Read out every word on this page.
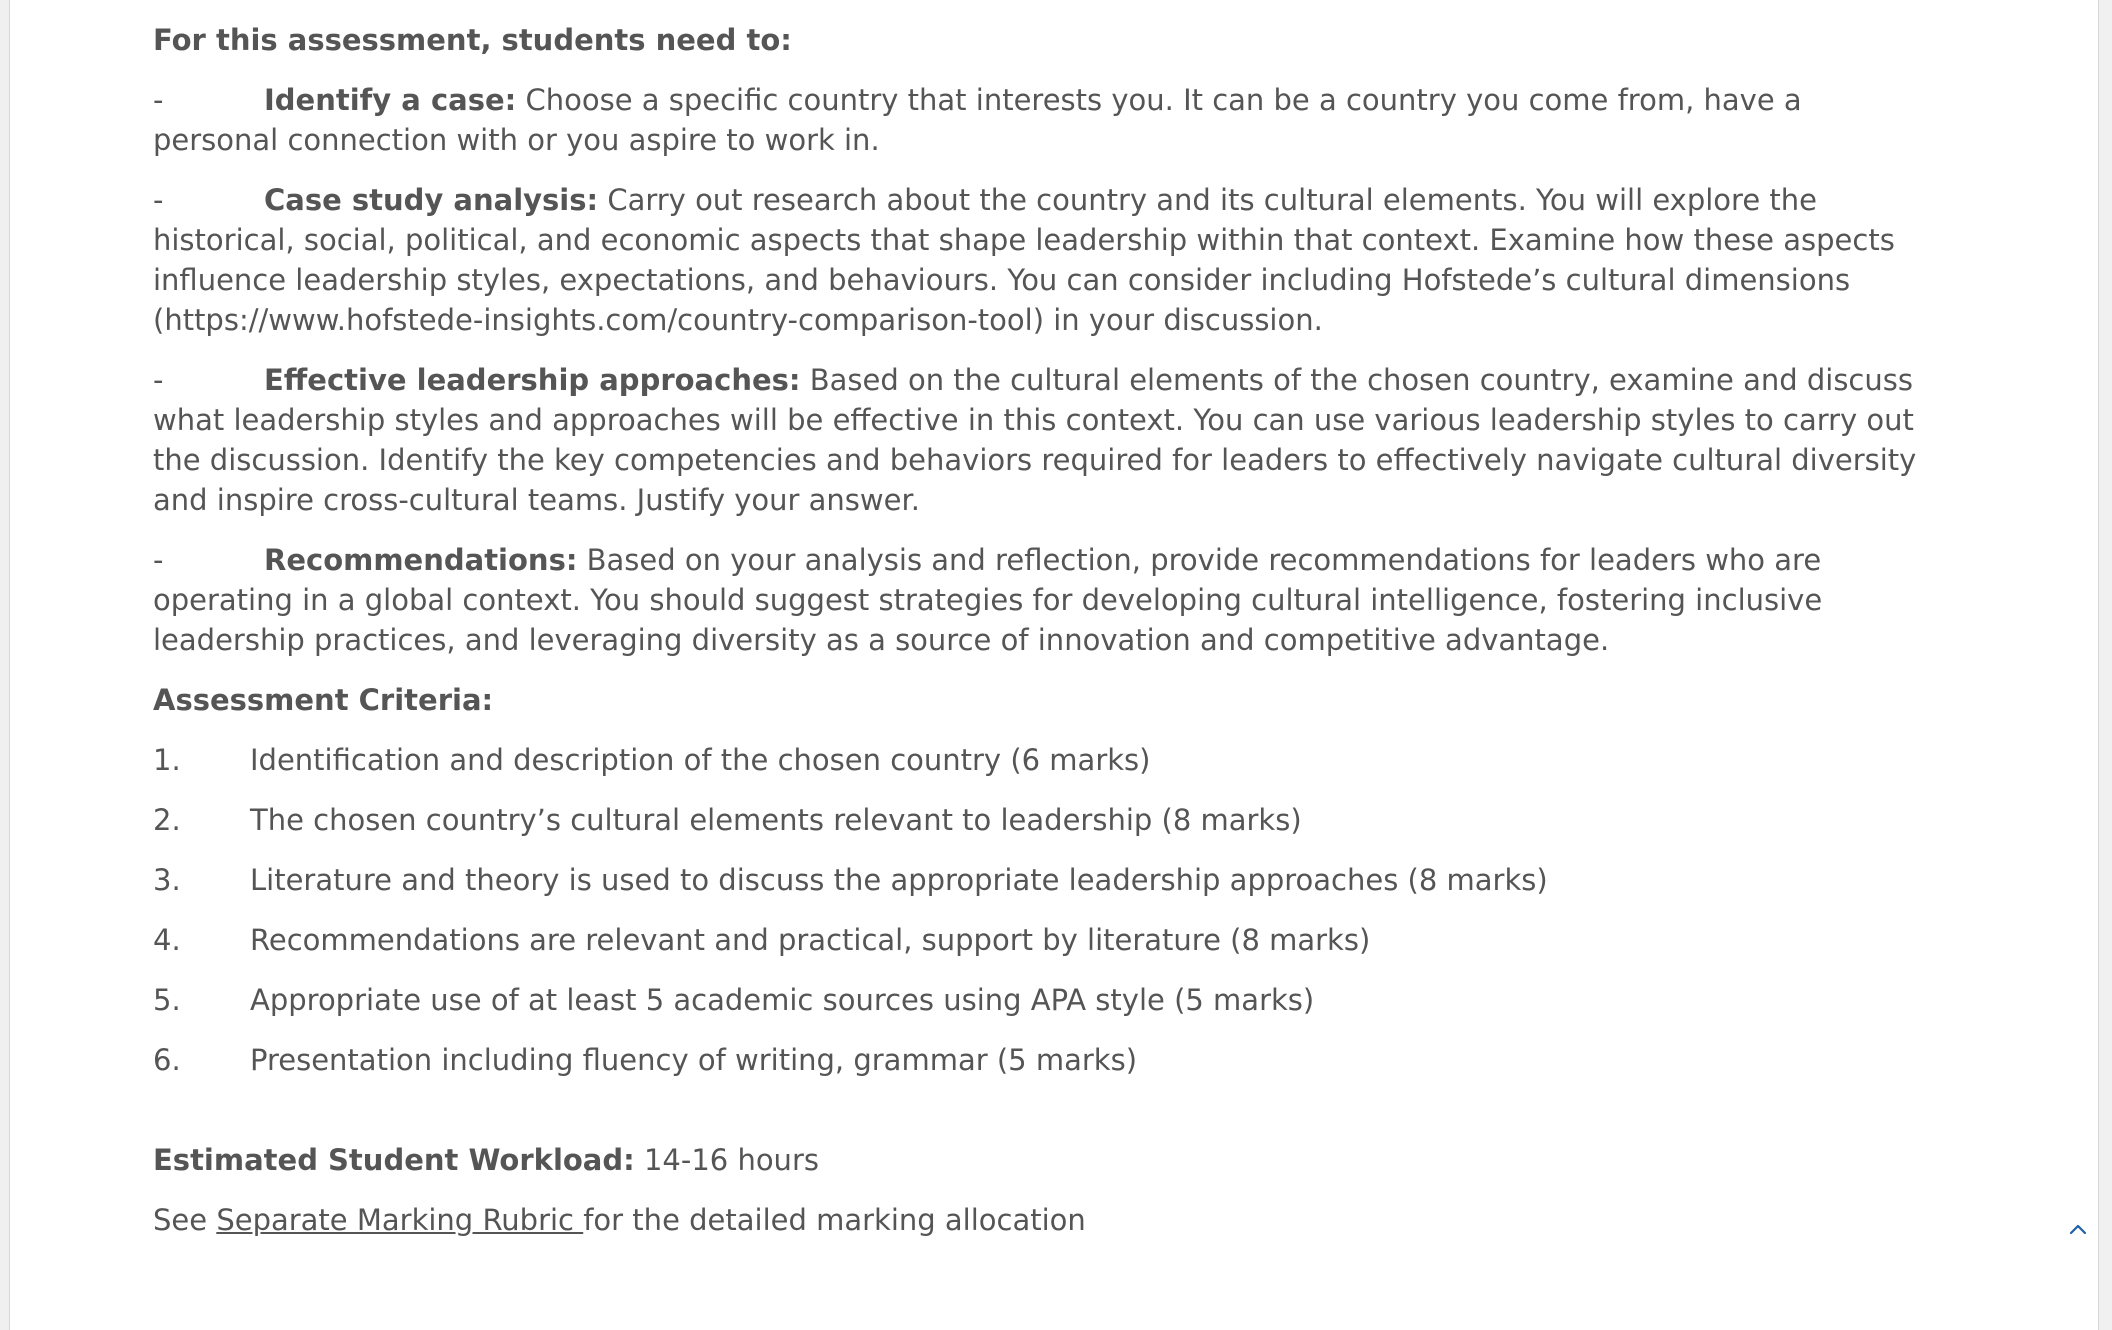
For this assessment, students need to:

-	Identify a case: Choose a specific country that interests you. It can be a country you come from, have a personal connection with or you aspire to work in.

-	Case study analysis: Carry out research about the country and its cultural elements. You will explore the historical, social, political, and economic aspects that shape leadership within that context. Examine how these aspects influence leadership styles, expectations, and behaviours. You can consider including Hofstede’s cultural dimensions (https://www.hofstede-insights.com/country-comparison-tool) in your discussion.

-	Effective leadership approaches: Based on the cultural elements of the chosen country, examine and discuss what leadership styles and approaches will be effective in this context. You can use various leadership styles to carry out the discussion. Identify the key competencies and behaviors required for leaders to effectively navigate cultural diversity and inspire cross-cultural teams. Justify your answer.

-	Recommendations: Based on your analysis and reflection, provide recommendations for leaders who are operating in a global context. You should suggest strategies for developing cultural intelligence, fostering inclusive leadership practices, and leveraging diversity as a source of innovation and competitive advantage.

Assessment Criteria:

1.	Identification and description of the chosen country (6 marks)
2.	The chosen country’s cultural elements relevant to leadership (8 marks)
3.	Literature and theory is used to discuss the appropriate leadership approaches (8 marks)
4.	Recommendations are relevant and practical, support by literature (8 marks)
5.	Appropriate use of at least 5 academic sources using APA style (5 marks)
6.	Presentation including fluency of writing, grammar (5 marks)

Estimated Student Workload: 14-16 hours

See Separate Marking Rubric for the detailed marking allocation
